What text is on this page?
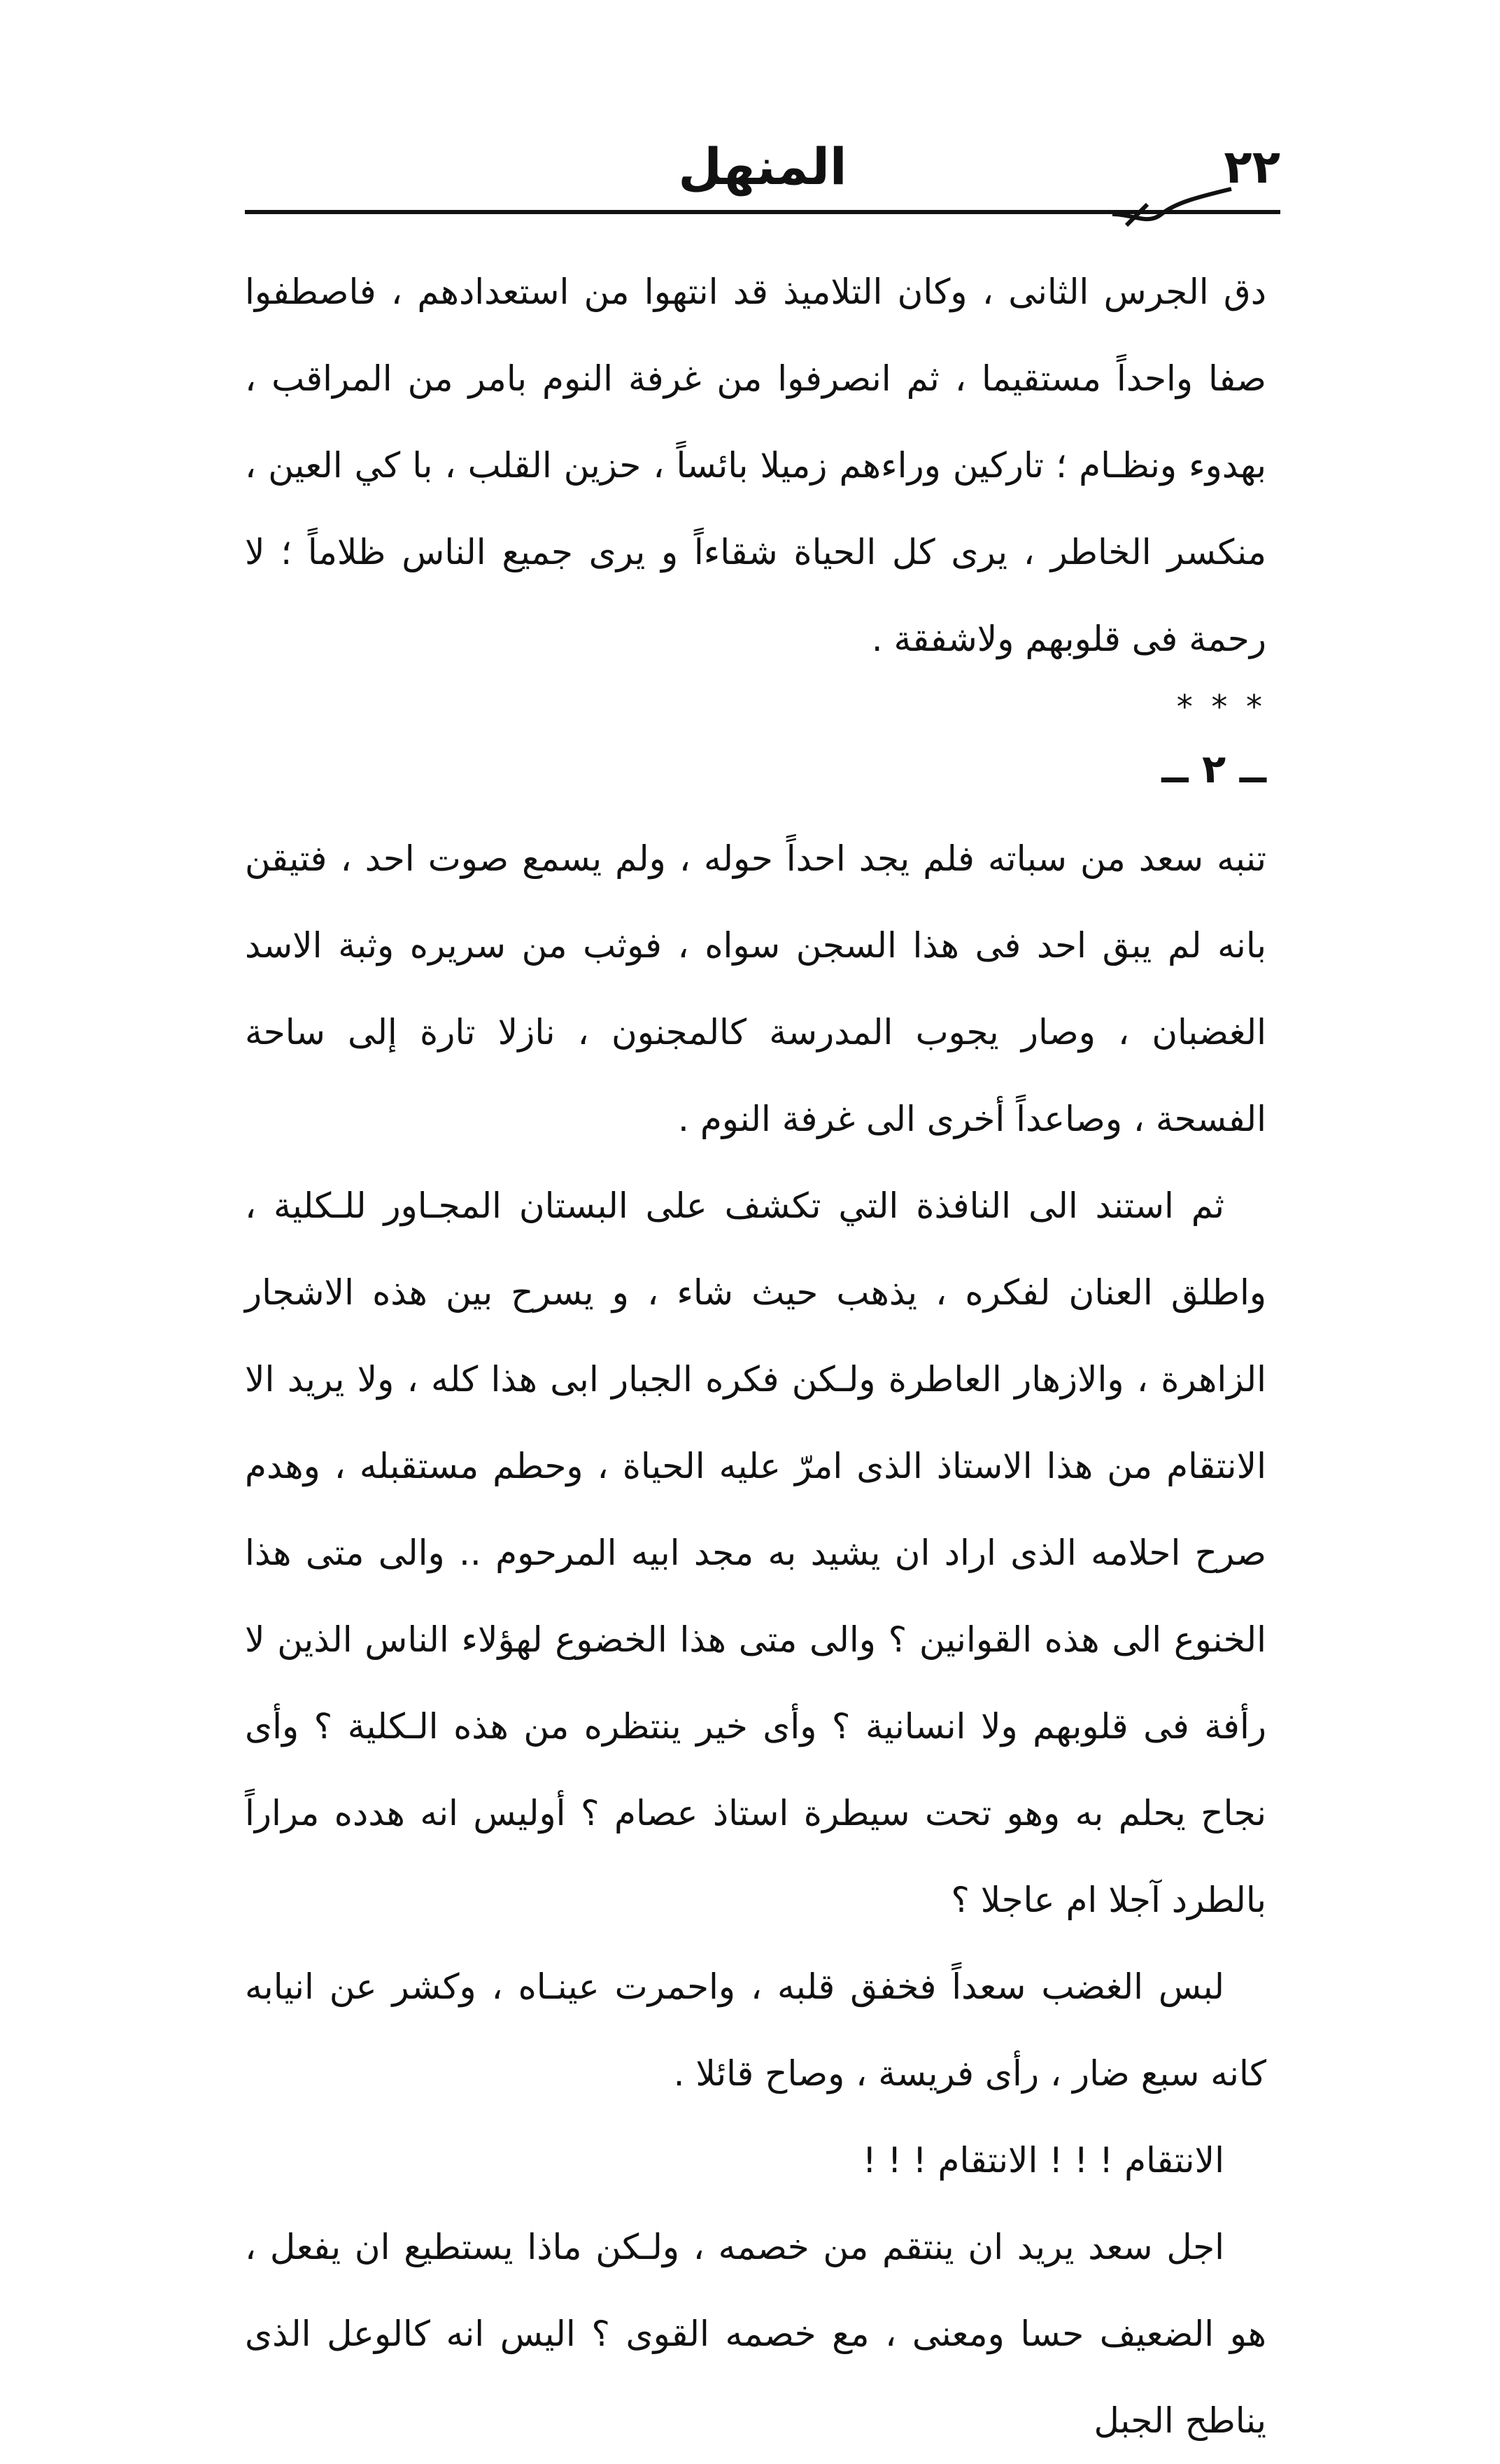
٢٢
المنهل

دق الجرس الثانى ، وكان التلاميذ قد انتهوا من استعدادهم ، فاصطفوا صفا واحداً مستقيما ، ثم انصرفوا من غرفة النوم بامر من المراقب ، بهدوء ونظـام ؛ تاركين وراءهم زميلا بائساً ، حزين القلب ، با كي العين ، منكسر الخاطر ، يرى كل الحياة شقاءاً و يرى جميع الناس ظلاماً ؛ لا رحمة فى قلوبهم ولاشفقة .

* * *

ــ ٢ ــ

تنبه سعد من سباته فلم يجد احداً حوله ، ولم يسمع صوت احد ، فتيقن بانه لم يبق احد فى هذا السجن سواه ، فوثب من سريره وثبة الاسد الغضبان ، وصار يجوب المدرسة كالمجنون ، نازلا تارة إلى ساحة الفسحة ، وصاعداً أخرى الى غرفة النوم .

ثم استند الى النافذة التي تكشف على البستان المجـاور للـكلية ، واطلق العنان لفكره ، يذهب حيث شاء ، و يسرح بين هذه الاشجار الزاهرة ، والازهار العاطرة ولـكن فكره الجبار ابى هذا كله ، ولا يريد الا الانتقام من هذا الاستاذ الذى امرّ عليه الحياة ، وحطم مستقبله ، وهدم صرح احلامه الذى اراد ان يشيد به مجد ابيه المرحوم .. والى متى هذا الخنوع الى هذه القوانين ؟ والى متى هذا الخضوع لهؤلاء الناس الذين لا رأفة فى قلوبهم ولا انسانية ؟ وأى خير ينتظره من هذه الـكلية ؟ وأى نجاح يحلم به وهو تحت سيطرة استاذ عصام ؟ أوليس انه هدده مراراً بالطرد آجلا ام عاجلا ؟

لبس الغضب سعداً فخفق قلبه ، واحمرت عينـاه ، وكشر عن انيابه كانه سبع ضار ، رأى فريسة ، وصاح قائلا .

الانتقام ! ! ! الانتقام ! ! !

اجل سعد يريد ان ينتقم من خصمه ، ولـكن ماذا يستطيع ان يفعل ، هو الضعيف حسا ومعنى ، مع خصمه القوى ؟ اليس انه كالوعل الذى يناطح الجبل
